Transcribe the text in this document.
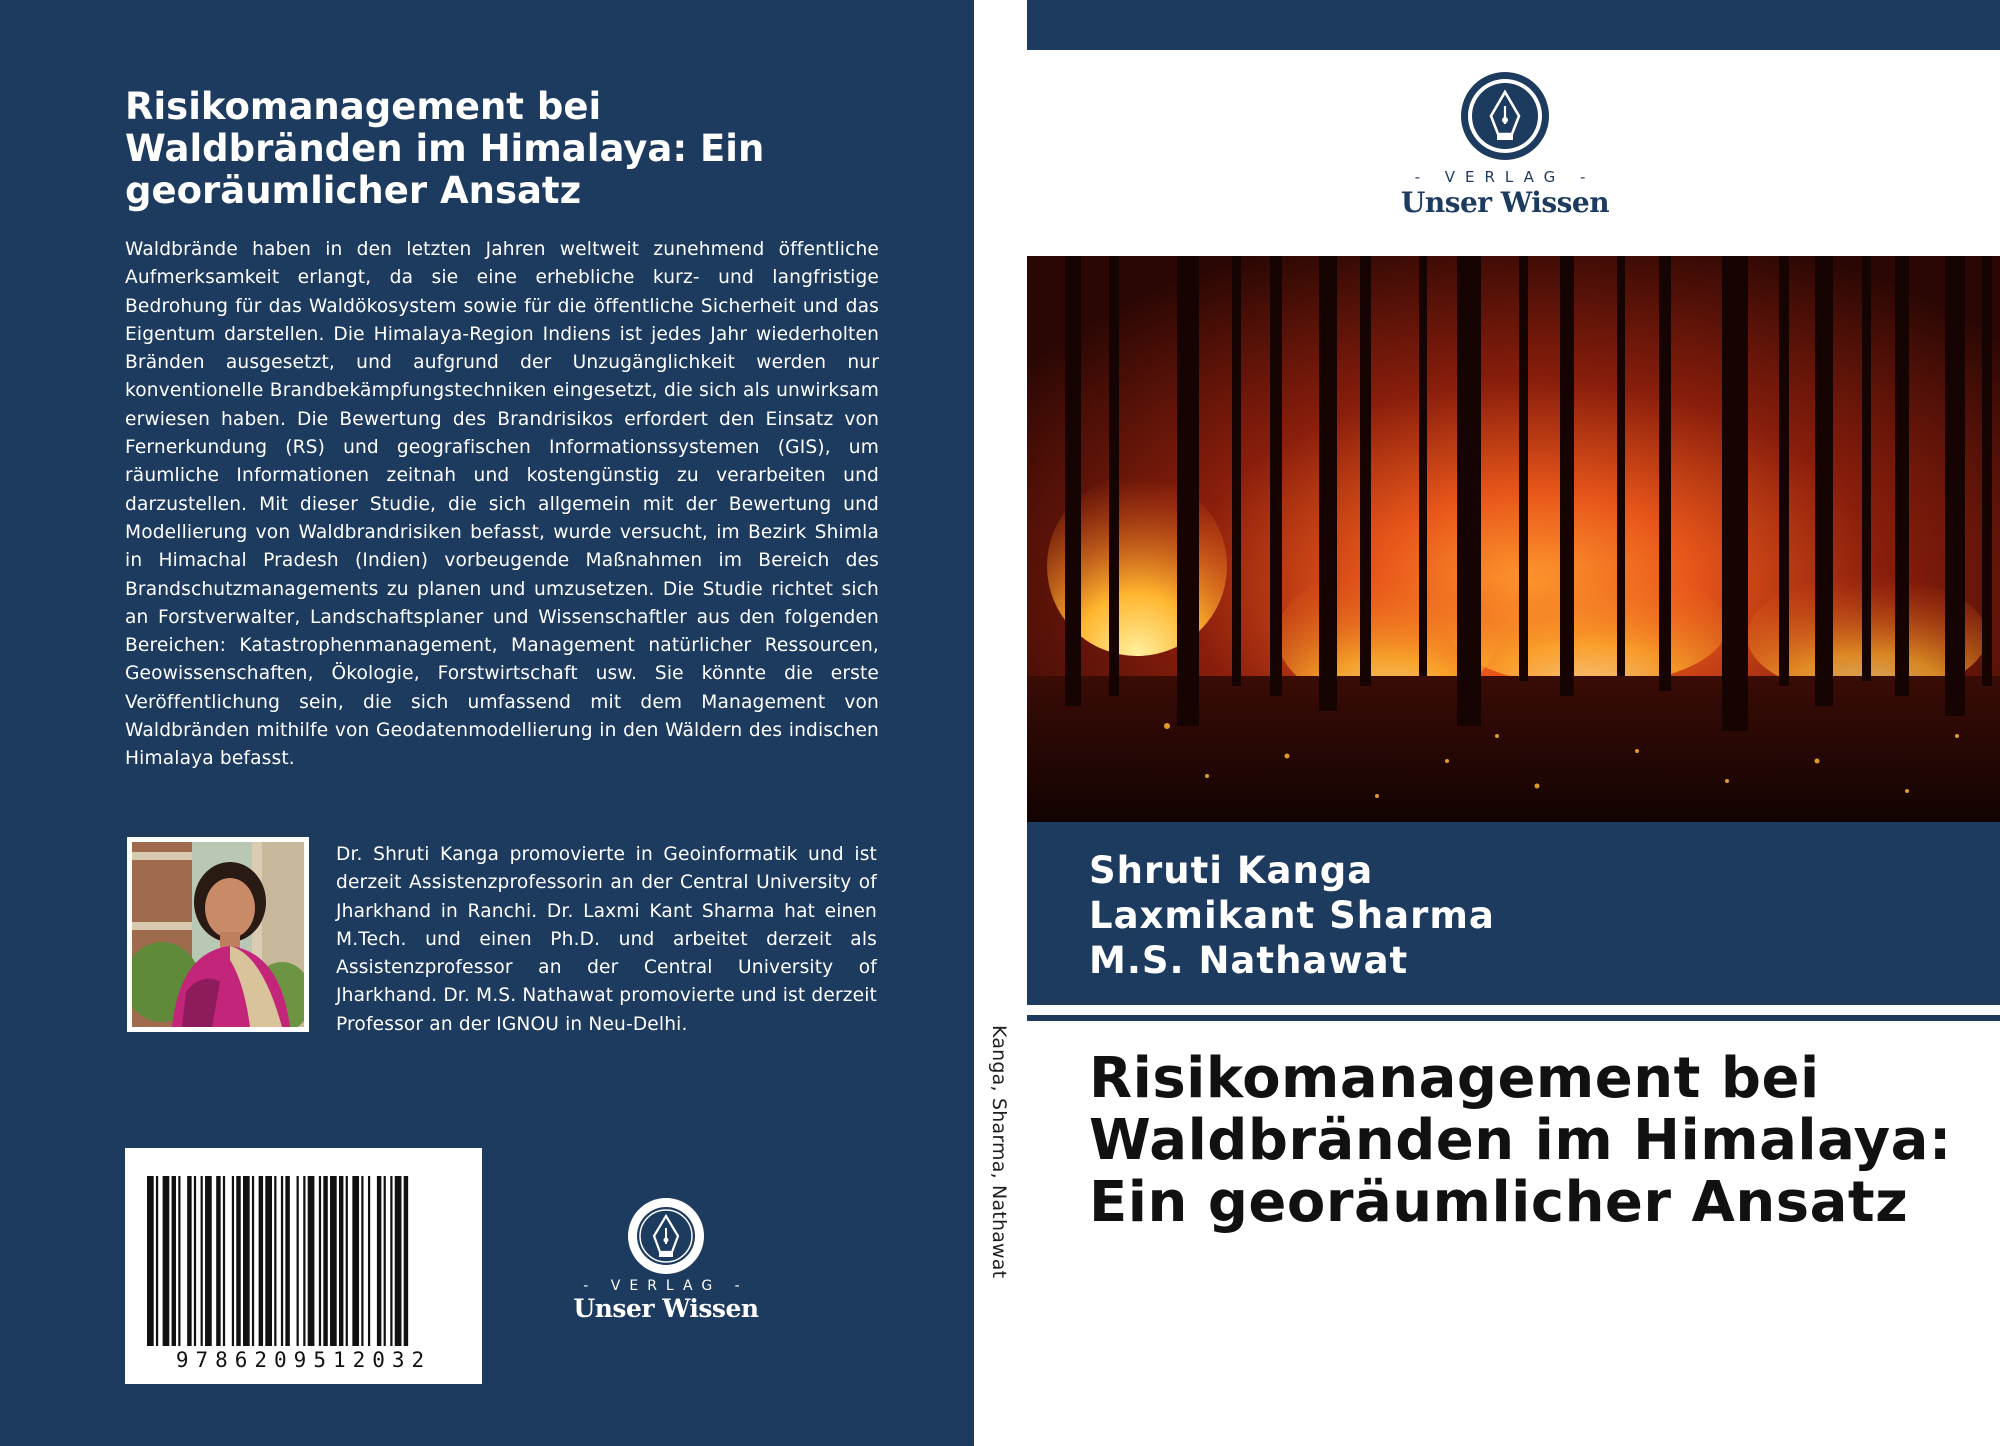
Risikomanagement bei Waldbränden im Himalaya: Ein georäumlicher Ansatz

Waldbrände haben in den letzten Jahren weltweit zunehmend öffentliche Aufmerksamkeit erlangt, da sie eine erhebliche kurz- und langfristige Bedrohung für das Waldökosystem sowie für die öffentliche Sicherheit und das Eigentum darstellen. Die Himalaya-Region Indiens ist jedes Jahr wiederholten Bränden ausgesetzt, und aufgrund der Unzugänglichkeit werden nur konventionelle Brandbekämpfungstechniken eingesetzt, die sich als unwirksam erwiesen haben. Die Bewertung des Brandrisikos erfordert den Einsatz von Fernerkundung (RS) und geografischen Informationssystemen (GIS), um räumliche Informationen zeitnah und kostengünstig zu verarbeiten und darzustellen. Mit dieser Studie, die sich allgemein mit der Bewertung und Modellierung von Waldbrandrisiken befasst, wurde versucht, im Bezirk Shimla in Himachal Pradesh (Indien) vorbeugende Maßnahmen im Bereich des Brandschutzmanagements zu planen und umzusetzen. Die Studie richtet sich an Forstverwalter, Landschaftsplaner und Wissenschaftler aus den folgenden Bereichen: Katastrophenmanagement, Management natürlicher Ressourcen, Geowissenschaften, Ökologie, Forstwirtschaft usw. Sie könnte die erste Veröffentlichung sein, die sich umfassend mit dem Management von Waldbränden mithilfe von Geodatenmodellierung in den Wäldern des indischen Himalaya befasst.

Dr. Shruti Kanga promovierte in Geoinformatik und ist derzeit Assistenzprofessorin an der Central University of Jharkhand in Ranchi. Dr. Laxmi Kant Sharma hat einen M.Tech. und einen Ph.D. und arbeitet derzeit als Assistenzprofessor an der Central University of Jharkhand. Dr. M.S. Nathawat promovierte und ist derzeit Professor an der IGNOU in Neu-Delhi.

9786209512032
- VERLAG -
Unser Wissen
Kanga, Sharma, Nathawat
- VERLAG -
Unser Wissen
Shruti Kanga
Laxmikant Sharma
M.S. Nathawat
Risikomanagement bei Waldbränden im Himalaya: Ein georäumlicher Ansatz
